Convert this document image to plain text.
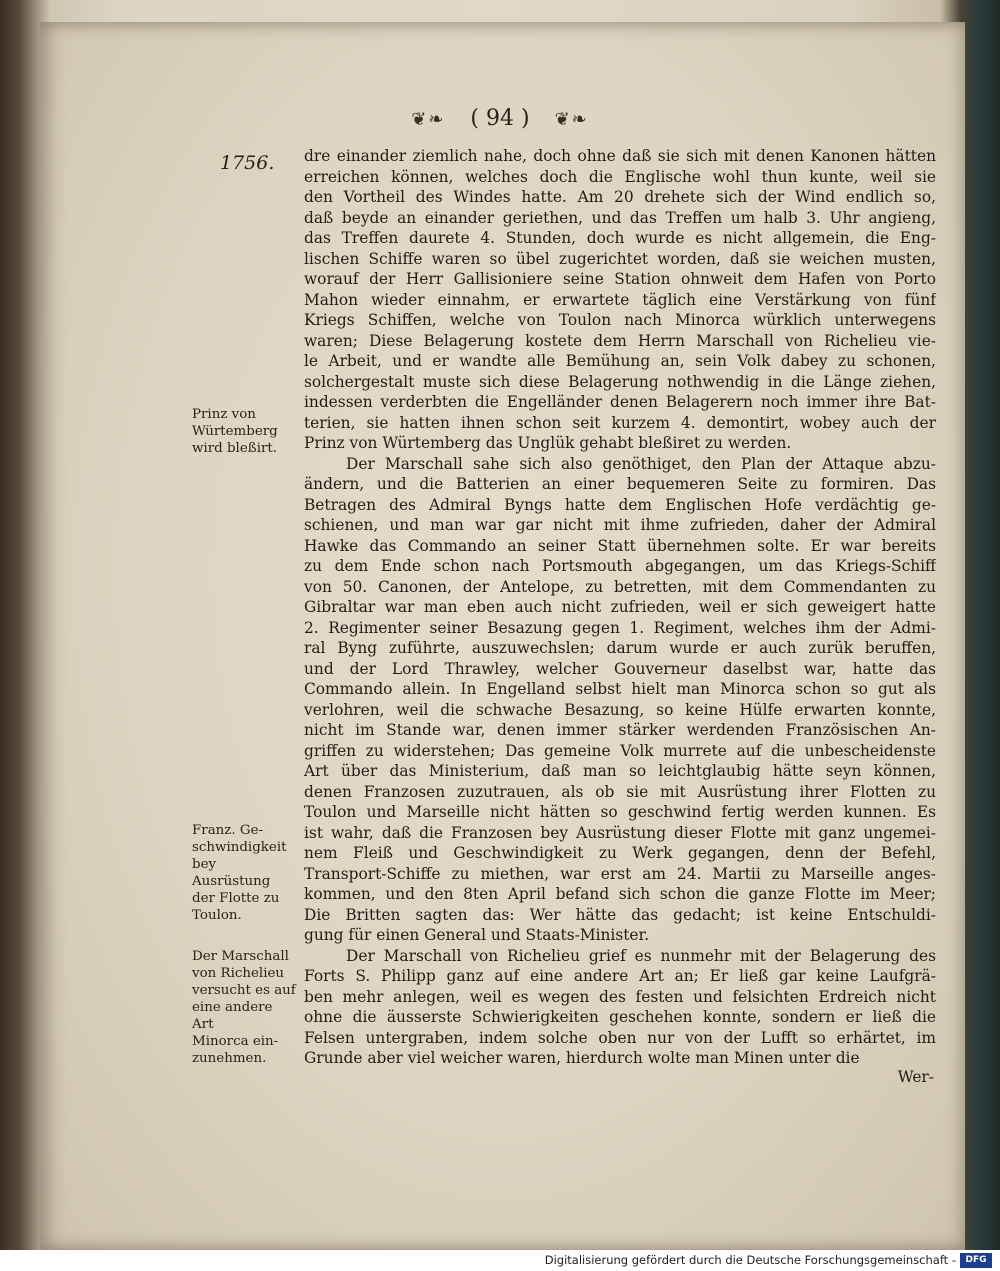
❦❧ ( 94 ) ❦❧
1756. dre einander ziemlich nahe, doch ohne daß sie sich mit denen Kanonen hätten
erreichen können, welches doch die Englische wohl thun kunte, weil sie
den Vortheil des Windes hatte. Am 20 drehete sich der Wind endlich so,
daß beyde an einander geriethen, und das Treffen um halb 3. Uhr angieng,
das Treffen daurete 4. Stunden, doch wurde es nicht allgemein, die Eng-
lischen Schiffe waren so übel zugerichtet worden, daß sie weichen musten,
worauf der Herr Gallisioniere seine Station ohnweit dem Hafen von Porto
Mahon wieder einnahm, er erwartete täglich eine Verstärkung von fünf
Kriegs Schiffen, welche von Toulon nach Minorca würklich unterwegens
waren; Diese Belagerung kostete dem Herrn Marschall von Richelieu vie-
le Arbeit, und er wandte alle Bemühung an, sein Volk dabey zu schonen,
solchergestalt muste sich diese Belagerung nothwendig in die Länge ziehen,
indessen verderbten die Engelländer denen Belagerern noch immer ihre Bat-
terien, sie hatten ihnen schon seit kurzem 4. demontirt, wobey auch der
Prinz von Würtemberg das Unglük gehabt bleßiret zu werden.
Der Marschall sahe sich also genöthiget, den Plan der Attaque abzu-
ändern, und die Batterien an einer bequemeren Seite zu formiren. Das
Betragen des Admiral Byngs hatte dem Englischen Hofe verdächtig ge-
schienen, und man war gar nicht mit ihme zufrieden, daher der Admiral
Hawke das Commando an seiner Statt übernehmen solte. Er war bereits
zu dem Ende schon nach Portsmouth abgegangen, um das Kriegs-Schiff
von 50. Canonen, der Antelope, zu betretten, mit dem Commendanten zu
Gibraltar war man eben auch nicht zufrieden, weil er sich geweigert hatte
2. Regimenter seiner Besazung gegen 1. Regiment, welches ihm der Admi-
ral Byng zuführte, auszuwechslen; darum wurde er auch zurük beruffen,
und der Lord Thrawley, welcher Gouverneur daselbst war, hatte das
Commando allein. In Engelland selbst hielt man Minorca schon so gut als
verlohren, weil die schwache Besazung, so keine Hülfe erwarten konnte,
nicht im Stande war, denen immer stärker werdenden Französischen An-
griffen zu widerstehen; Das gemeine Volk murrete auf die unbescheidenste
Art über das Ministerium, daß man so leichtglaubig hätte seyn können,
denen Franzosen zuzutrauen, als ob sie mit Ausrüstung ihrer Flotten zu
Toulon und Marseille nicht hätten so geschwind fertig werden kunnen. Es
ist wahr, daß die Franzosen bey Ausrüstung dieser Flotte mit ganz ungemei-
nem Fleiß und Geschwindigkeit zu Werk gegangen, denn der Befehl,
Transport-Schiffe zu miethen, war erst am 24. Martii zu Marseille anges-
kommen, und den 8ten April befand sich schon die ganze Flotte im Meer;
Die Britten sagten das: Wer hätte das gedacht; ist keine Entschuldi-
gung für einen General und Staats-Minister.
Der Marschall von Richelieu grief es nunmehr mit der Belagerung des
Forts S. Philipp ganz auf eine andere Art an; Er ließ gar keine Laufgrä-
ben mehr anlegen, weil es wegen des festen und felsichten Erdreich nicht
ohne die äusserste Schwierigkeiten geschehen konnte, sondern er ließ die
Felsen untergraben, indem solche oben nur von der Lufft so erhärtet, im
Grunde aber viel weicher waren, hierdurch wolte man Minen unter die
Prinz von
Würtemberg
wird bleßirt.
Franz. Ge-
schwindigkeit
bey Ausrüstung
der Flotte zu
Toulon.
Der Marschall
von Richelieu
versucht es auf
eine andere Art
Minorca ein-
zunehmen.
Wer-
Digitalisierung gefördert durch die Deutsche Forschungsgemeinschaft -	DFG
